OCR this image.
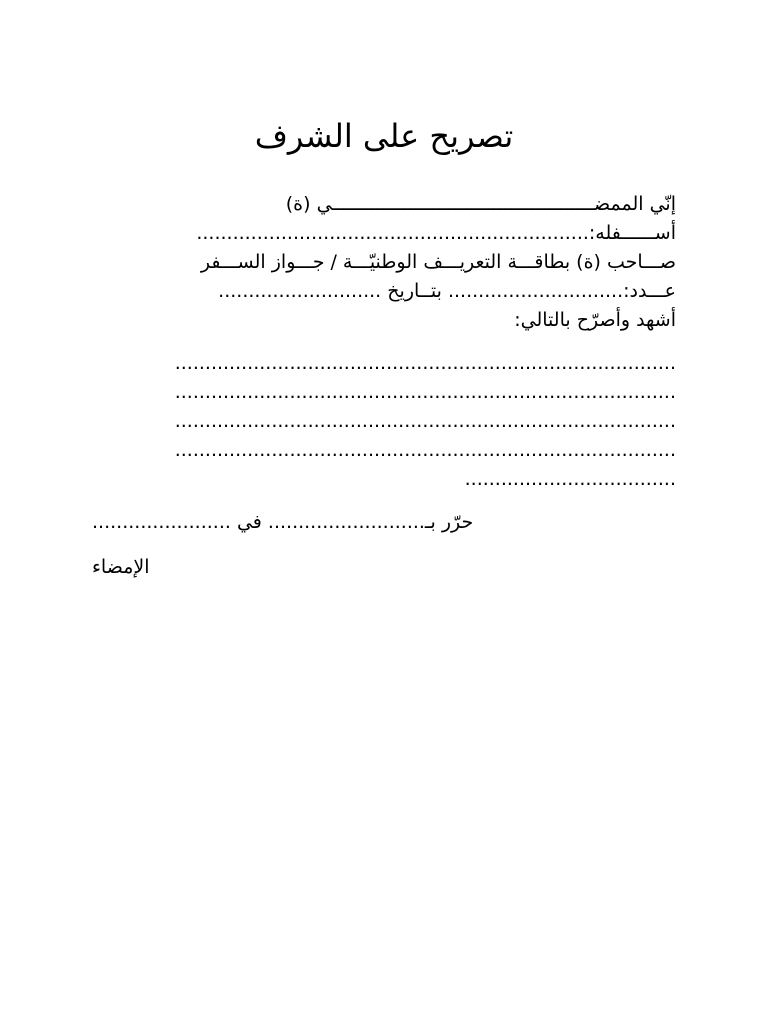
تصريح على الشرف
إنّي الممضـــــــــــــــــــــــــــــــــــــــــــــــي (ة)
أســــــفله:.................................................................
صـــاحب (ة) بطاقـــة التعريـــف الوطنيّـــة / جـــواز الســـفر
عـــدد:............................. بتــاريخ ...........................
أشهد وأصرّح بالتالي:
...................................................................................
...................................................................................
...................................................................................
...................................................................................
...................................
حرّر بـ.......................... في .......................
الإمضاء
